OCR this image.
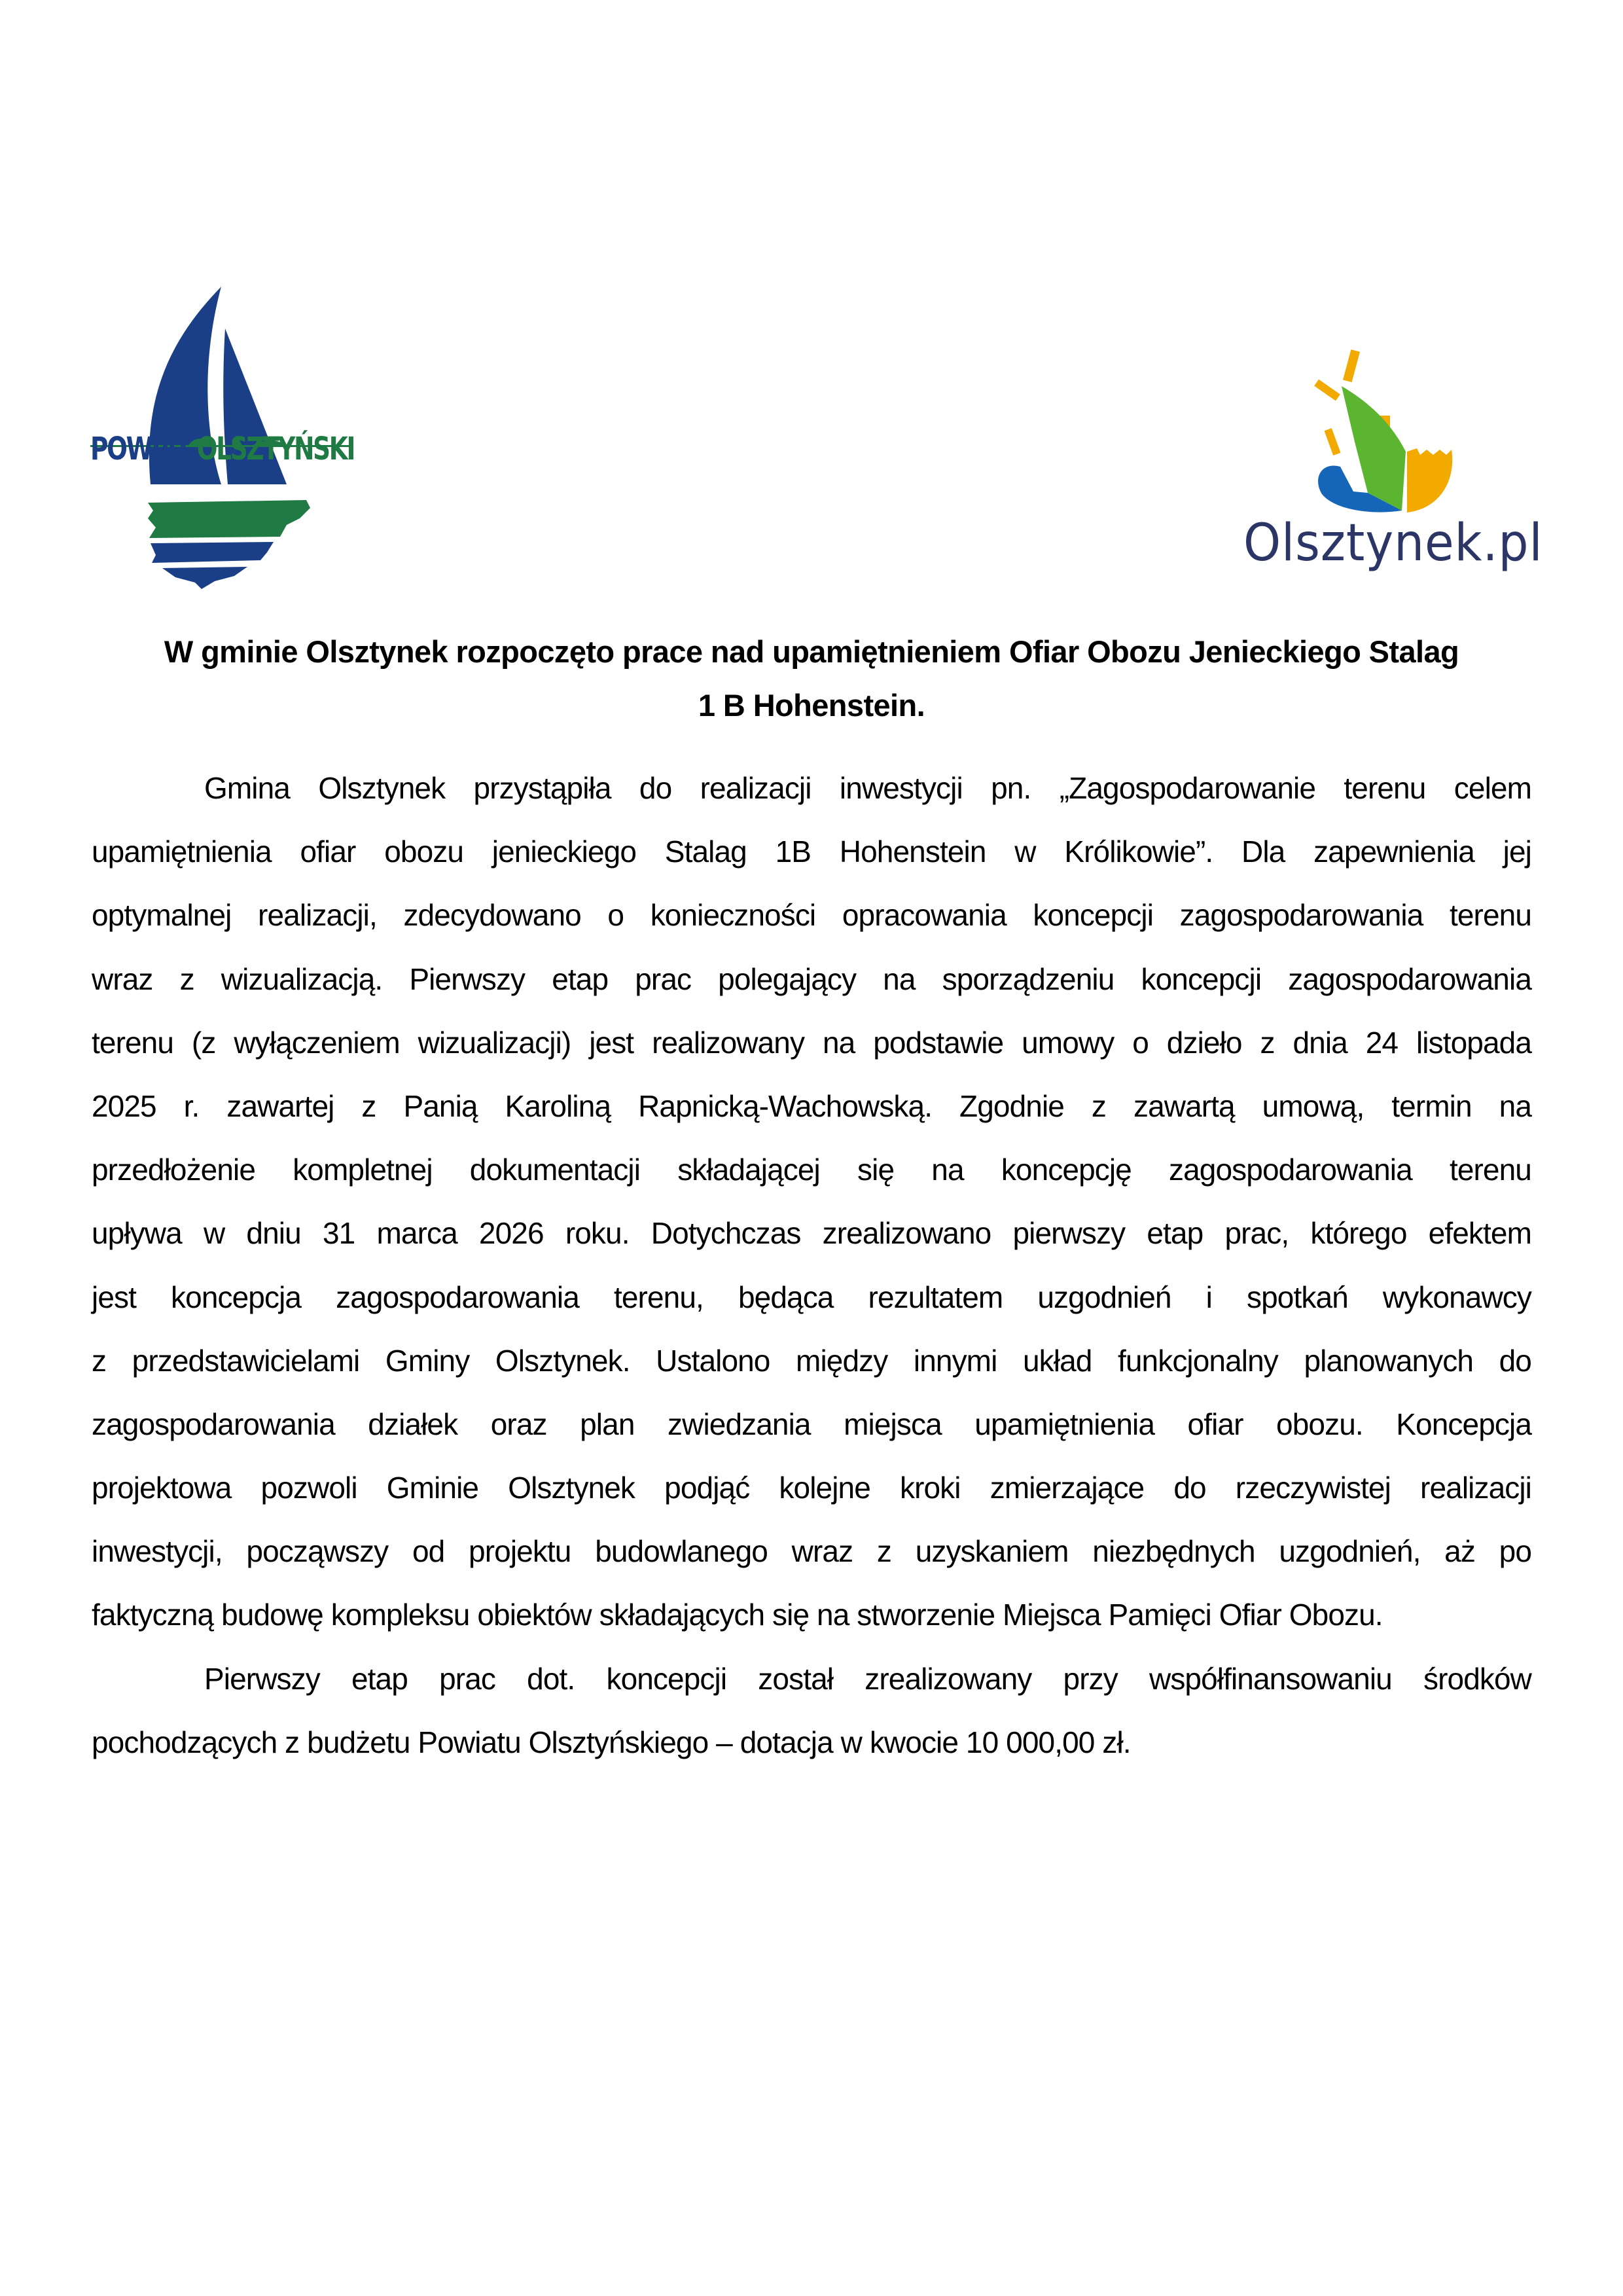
POWIAT OLSZTYŃSKI
Olsztynek.pl
W gminie Olsztynek rozpoczęto prace nad upamiętnieniem Ofiar Obozu Jenieckiego Stalag
1 B Hohenstein.
Gmina Olsztynek przystąpiła do realizacji inwestycji pn. „Zagospodarowanie terenu celem
upamiętnienia ofiar obozu jenieckiego Stalag 1B Hohenstein w Królikowie”. Dla zapewnienia jej
optymalnej realizacji, zdecydowano o konieczności opracowania koncepcji zagospodarowania terenu
wraz z wizualizacją. Pierwszy etap prac polegający na sporządzeniu koncepcji zagospodarowania
terenu (z wyłączeniem wizualizacji) jest realizowany na podstawie umowy o dzieło z dnia 24 listopada
2025 r. zawartej z Panią Karoliną Rapnicką-Wachowską. Zgodnie z zawartą umową, termin na
przedłożenie kompletnej dokumentacji składającej się na koncepcję zagospodarowania terenu
upływa w dniu 31 marca 2026 roku. Dotychczas zrealizowano pierwszy etap prac, którego efektem
jest koncepcja zagospodarowania terenu, będąca rezultatem uzgodnień i spotkań wykonawcy
z przedstawicielami Gminy Olsztynek. Ustalono między innymi układ funkcjonalny planowanych do
zagospodarowania działek oraz plan zwiedzania miejsca upamiętnienia ofiar obozu. Koncepcja
projektowa pozwoli Gminie Olsztynek podjąć kolejne kroki zmierzające do rzeczywistej realizacji
inwestycji, począwszy od projektu budowlanego wraz z uzyskaniem niezbędnych uzgodnień, aż po
faktyczną budowę kompleksu obiektów składających się na stworzenie Miejsca Pamięci Ofiar Obozu.
Pierwszy etap prac dot. koncepcji został zrealizowany przy współfinansowaniu środków
pochodzących z budżetu Powiatu Olsztyńskiego – dotacja w kwocie 10 000,00 zł.
